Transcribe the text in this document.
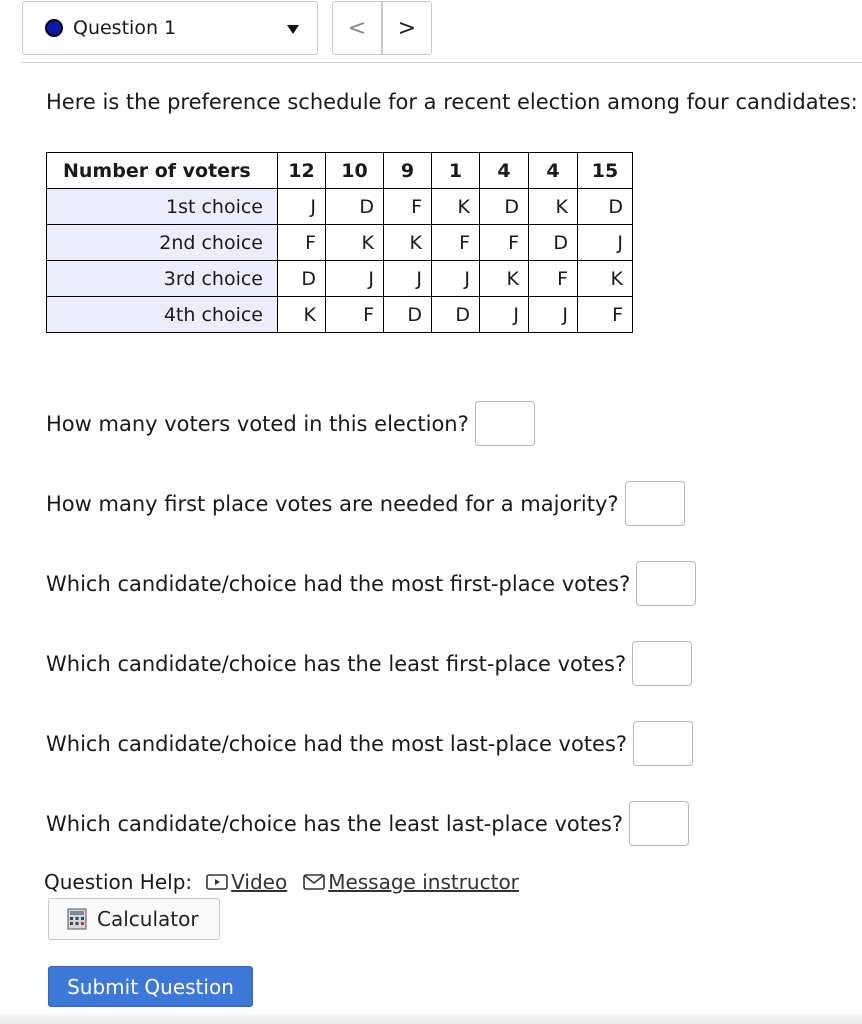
Question 1	< >

Here is the preference schedule for a recent election among four candidates:

Number of voters	12	10	9	1	4	4	15
1st choice	J	D	F	K	D	K	D
2nd choice	F	K	K	F	F	D	J
3rd choice	D	J	J	J	K	F	K
4th choice	K	F	D	D	J	J	F
How many voters voted in this election?
How many first place votes are needed for a majority?
Which candidate/choice had the most first-place votes?
Which candidate/choice has the least first-place votes?
Which candidate/choice had the most last-place votes?
Which candidate/choice has the least last-place votes?
Question Help: Video Message instructor
Calculator
Submit Question
